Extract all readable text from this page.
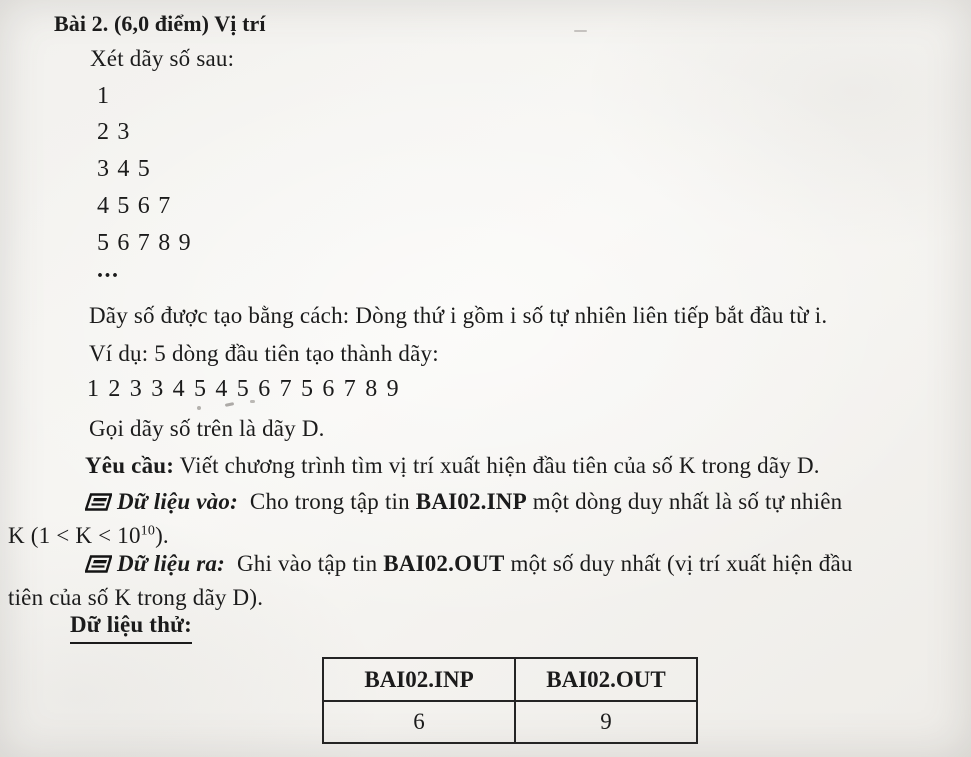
Bài 2. (6,0 điểm) Vị trí
Xét dãy số sau:
1
2 3
3 4 5
4 5 6 7
5 6 7 8 9
...
Dãy số được tạo bằng cách: Dòng thứ i gồm i số tự nhiên liên tiếp bắt đầu từ i.
Ví dụ: 5 dòng đầu tiên tạo thành dãy:
1 2 3 3 4 5 4 5 6 7 5 6 7 8 9
Gọi dãy số trên là dãy D.
Yêu cầu: Viết chương trình tìm vị trí xuất hiện đầu tiên của số K trong dãy D.
Dữ liệu vào: Cho trong tập tin BAI02.INP một dòng duy nhất là số tự nhiên
K $(1 < K < 10^{10})$.
Dữ liệu ra: Ghi vào tập tin BAI02.OUT một số duy nhất (vị trí xuất hiện đầu
tiên của số K trong dãy D).
Dữ liệu thử:
BAI02.INP	BAI02.OUT
6	9
